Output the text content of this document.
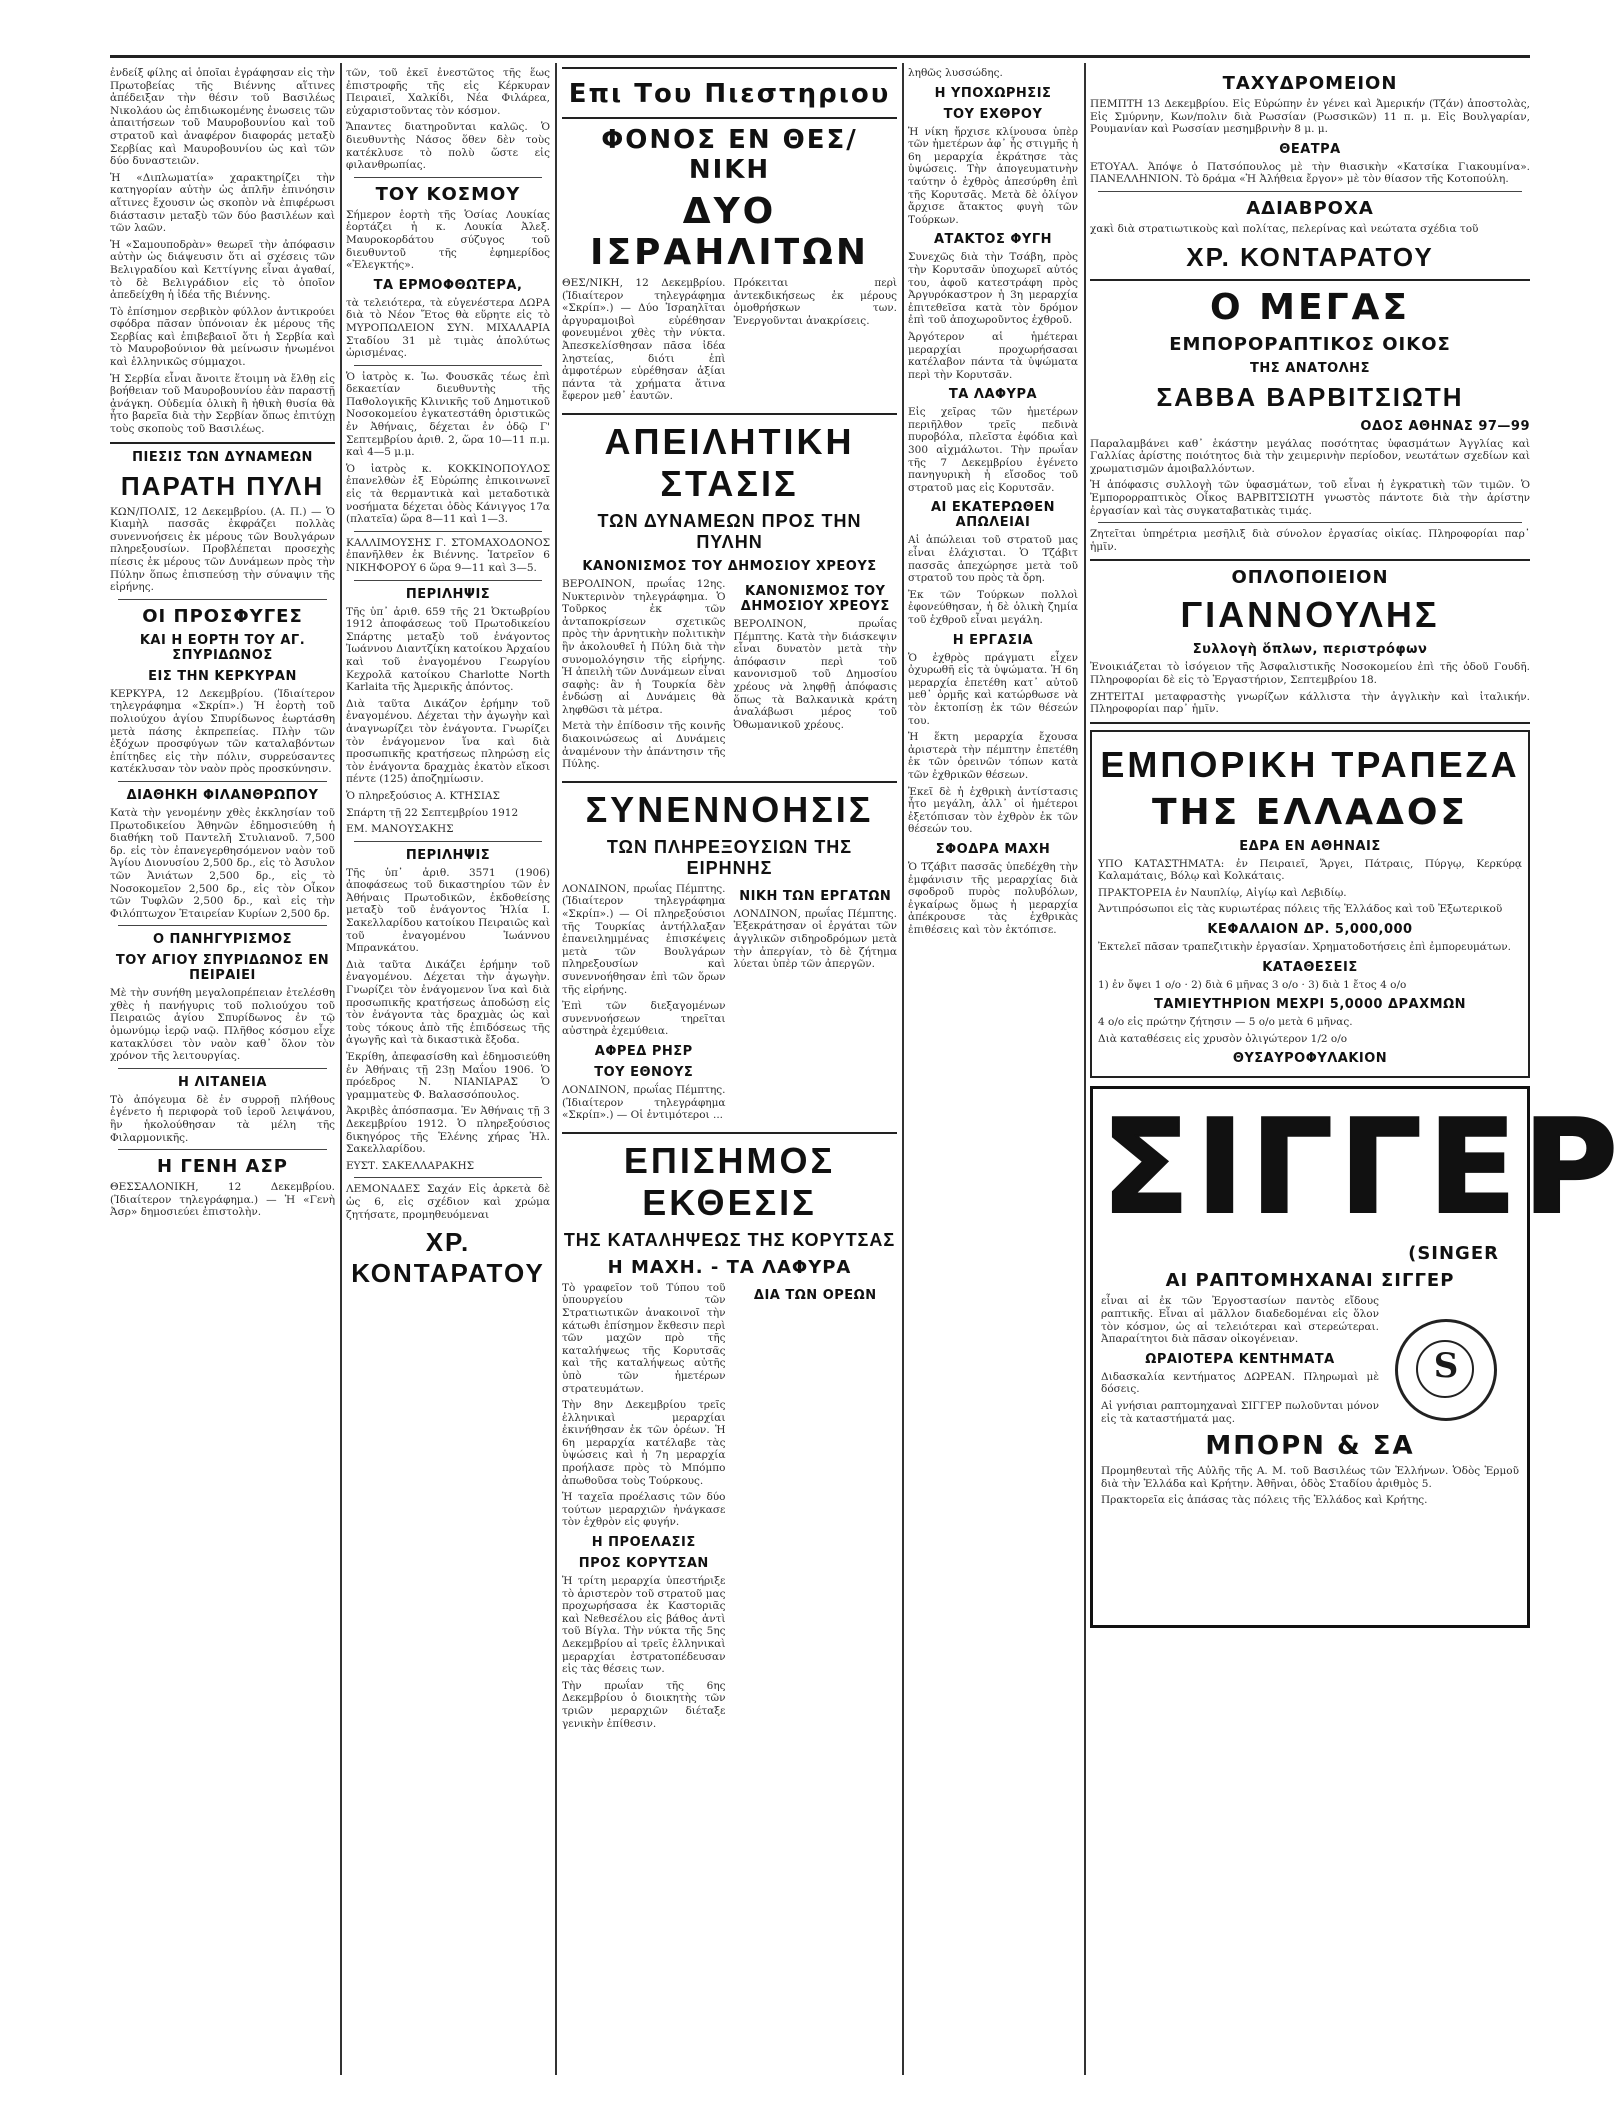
ἐνδείξ φίλης αἱ ὁποῖαι ἐγράφησαν εἰς τὴν Πρωτοβείας τῆς Βιέννης αἵτινες ἀπέδειξαν τὴν θέσιν τοῦ Βασιλέως Νικολάου ὡς ἐπιδιωκομένης ἐνωσεις τῶν ἀπαιτήσεων τοῦ Μαυροβουνίου καὶ τοῦ στρατοῦ καὶ ἀναφέρον διαφοράς μεταξὺ Σερβίας καὶ Μαυροβουνίου ὡς καὶ τῶν δύο δυναστειῶν.

Ἡ «Διπλωματία» χαρακτηρίζει τὴν κατηγορίαν αὐτὴν ὡς ἁπλῆν ἐπινόησιν αἵτινες ἔχουσιν ὡς σκοπὸν νὰ ἐπιφέρωσι διάστασιν μεταξὺ τῶν δύο βασιλέων καὶ τῶν λαῶν.

Ἡ «Σαμουποδρὰν» θεωρεῖ τὴν ἀπόφασιν αὐτὴν ὡς διάψευσιν ὅτι αἱ σχέσεις τῶν Βελιγραδίου καὶ Κεττίγνης εἶναι ἀγαθαί, τὸ δὲ Βελιγράδιον εἰς τὸ ὁποῖον ἀπεδείχθη ἡ ἰδέα τῆς Βιέννης.

Τὸ ἐπίσημον σερβικὸν φύλλον ἀντικρούει σφόδρα πᾶσαν ὑπόνοιαν ἐκ μέρους τῆς Σερβίας καὶ ἐπιβεβαιοῖ ὅτι ἡ Σερβία καὶ τὸ Μαυροβούνιον θὰ μείνωσιν ἡνωμένοι καὶ ἑλληνικῶς σύμμαχοι.

Ἡ Σερβία εἶναι ἄνοιτε ἕτοιμη νὰ ἔλθῃ εἰς βοήθειαν τοῦ Μαυροβουνίου ἐὰν παραστῇ ἀνάγκη. Οὐδεμία ὁλικὴ ἢ ἠθικὴ θυσία θὰ ἦτο βαρεῖα διὰ τὴν Σερβίαν ὅπως ἐπιτύχῃ τοὺς σκοποὺς τοῦ Βασιλέως.

ΠΙΕΣΙΣ ΤΩΝ ΔΥΝΑΜΕΩΝ
ΠΑΡΑΤΗ ΠΥΛΗ

ΚΩΝ/ΠΟΛΙΣ, 12 Δεκεμβρίου. (Α. Π.) — Ὁ Κιαμὴλ πασσᾶς ἐκφράζει πολλὰς συνεννοήσεις ἐκ μέρους τῶν Βουλγάρων πληρεξουσίων. Προβλέπεται προσεχὴς πίεσις ἐκ μέρους τῶν Δυνάμεων πρὸς τὴν Πύλην ὅπως ἐπισπεύσῃ τὴν σύναψιν τῆς εἰρήνης.

ΟΙ ΠΡΟΣΦΥΓΕΣ
ΚΑΙ Η ΕΟΡΤΗ ΤΟΥ ΑΓ. ΣΠΥΡΙΔΩΝΟΣ
ΕΙΣ ΤΗΝ ΚΕΡΚΥΡΑΝ

ΚΕΡΚΥΡΑ, 12 Δεκεμβρίου. (Ἰδιαίτερον τηλεγράφημα «Σκρίπ».) Ἡ ἑορτὴ τοῦ πολιούχου ἁγίου Σπυρίδωνος ἑωρτάσθη μετὰ πάσης ἐκπρεπείας. Πλὴν τῶν ἐξόχων προσφύγων τῶν καταλαβόντων ἐπίτηδες εἰς τὴν πόλιν, συρρεύσαντες κατέκλυσαν τὸν ναὸν πρὸς προσκύνησιν.

ΔΙΑΘΗΚΗ ΦΙΛΑΝΘΡΩΠΟΥ

Κατὰ τὴν γενομένην χθὲς ἐκκλησίαν τοῦ Πρωτοδικείου Ἀθηνῶν ἐδημοσιεύθη ἡ διαθήκη τοῦ Παντελῆ Στυλιανοῦ. 7,500 δρ. εἰς τὸν ἐπανεγερθησόμενον ναὸν τοῦ Ἁγίου Διονυσίου 2,500 δρ., εἰς τὸ Ἀσυλον τῶν Ἀνιάτων 2,500 δρ., εἰς τὸ Νοσοκομεῖον 2,500 δρ., εἰς τὸν Οἶκον τῶν Τυφλῶν 2,500 δρ., καὶ εἰς τὴν Φιλόπτωχον Ἑταιρείαν Κυρίων 2,500 δρ.

Ο ΠΑΝΗΓΥΡΙΣΜΟΣ
ΤΟΥ ΑΓΙΟΥ ΣΠΥΡΙΔΩΝΟΣ ΕΝ ΠΕΙΡΑΙΕΙ

Μὲ τὴν συνήθη μεγαλοπρέπειαν ἐτελέσθη χθὲς ἡ πανήγυρις τοῦ πολιούχου τοῦ Πειραιῶς ἁγίου Σπυρίδωνος ἐν τῷ ὁμωνύμῳ ἱερῷ ναῷ. Πλῆθος κόσμου εἶχε κατακλύσει τὸν ναὸν καθ᾽ ὅλον τὸν χρόνον τῆς λειτουργίας.

Η ΛΙΤΑΝΕΙΑ

Τὸ ἀπόγευμα δὲ ἐν συρροῇ πλήθους ἐγένετο ἡ περιφορὰ τοῦ ἱεροῦ λειψάνου, ἣν ἡκολούθησαν τὰ μέλη τῆς Φιλαρμονικῆς.

Η ΓΕΝΗ ΑΣΡ

ΘΕΣΣΑΛΟΝΙΚΗ, 12 Δεκεμβρίου. (Ἰδιαίτερον τηλεγράφημα.) — Ἡ «Γενὴ Ἀσρ» δημοσιεύει ἐπιστολὴν.

τῶν, τοῦ ἐκεῖ ἐνεστῶτος τῆς ἕως ἐπιστροφῆς τῆς εἰς Κέρκυραν Πειραιεῖ, Χαλκίδι, Νέα Φιλάρεα, εὐχαριστοῦντας τὸν κόσμον.

Ἄπαντες διατηροῦνται καλῶς. Ὁ διευθυντὴς Νάσος ὅθεν δὲν τοὺς κατέκλυσε τὸ πολὺ ὥστε εἰς φιλανθρωπίας.

ΤΟΥ ΚΟΣΜΟΥ

Σήμερον ἑορτὴ τῆς Ὁσίας Λουκίας ἑορτάζει ἡ κ. Λουκία Ἀλεξ. Μαυροκορδάτου σύζυγος τοῦ διευθυντοῦ τῆς ἐφημερίδος «Ἐλεγκτής».

ΤΑ ΕΡΜΟΦΘΩΤΕΡΑ,

τὰ τελειότερα, τὰ εὐγενέστερα ΔΩΡΑ διὰ τὸ Νέον Ἔτος θὰ εὕρητε εἰς τὸ ΜΥΡΟΠΩΛΕΙΟΝ ΣΥΝ. ΜΙΧΑΛΑΡΙΑ Σταδίου 31 μὲ τιμὰς ἀπολύτως ὡρισμένας.

Ὁ ἰατρὸς κ. Ἰω. Φουσκᾶς τέως ἐπὶ δεκαετίαν διευθυντὴς τῆς Παθολογικῆς Κλινικῆς τοῦ Δημοτικοῦ Νοσοκομείου ἐγκατεστάθη ὁριστικῶς ἐν Ἀθήναις, δέχεται ἐν ὁδῷ Γ' Σεπτεμβρίου ἀριθ. 2, ὥρα 10—11 π.μ. καὶ 4—5 μ.μ.

Ὁ ἰατρὸς κ. ΚΟΚΚΙΝΟΠΟΥΛΟΣ ἐπανελθὼν ἐξ Εὐρώπης ἐπικοινωνεῖ εἰς τὰ θερμαντικὰ καὶ μεταδοτικὰ νοσήματα δέχεται ὁδὸς Κάνιγγος 17α (πλατεῖα) ὥρα 8—11 καὶ 1—3.

ΚΑΛΛΙΜΟΥΣΗΣ Γ. ΣΤΟΜΑΧΟΔΟΝΟΣ ἐπανῆλθεν ἐκ Βιέννης. Ἰατρεῖον 6 ΝΙΚΗΦΟΡΟΥ 6 ὥρα 9—11 καὶ 3—5.

ΠΕΡΙΛΗΨΙΣ

Τῆς ὑπ᾽ ἀριθ. 659 τῆς 21 Ὀκτωβρίου 1912 ἀποφάσεως τοῦ Πρωτοδικείου Σπάρτης μεταξὺ τοῦ ἐνάγοντος Ἰωάννου Διαντζίκη κατοίκου Ἀρχαίου καὶ τοῦ ἐναγομένου Γεωργίου Κεχρολᾶ κατοίκου Charlotte North Karlaita τῆς Ἀμερικῆς ἀπόντος.

Διὰ ταῦτα Δικάζον ἐρήμην τοῦ ἐναγομένου. Δέχεται τὴν ἀγωγὴν καὶ ἀναγνωρίζει τὸν ἐνάγοντα. Γνωρίζει τὸν ἐνάγομενον ἵνα καὶ διὰ προσωπικῆς κρατήσεως πληρώσῃ εἰς τὸν ἐνάγοντα δραχμὰς ἑκατὸν εἴκοσι πέντε (125) ἀποζημίωσιν.

Ὁ πληρεξούσιος Α. ΚΤΗΣΙΑΣ

Σπάρτη τῇ 22 Σεπτεμβρίου 1912

ΕΜ. ΜΑΝΟΥΣΑΚΗΣ

ΠΕΡΙΛΗΨΙΣ

Τῆς ὑπ᾽ ἀριθ. 3571 (1906) ἀποφάσεως τοῦ δικαστηρίου τῶν ἐν Ἀθήναις Πρωτοδικῶν, ἐκδοθείσης μεταξὺ τοῦ ἐνάγοντος Ἠλία Ι. Σακελλαρίδου κατοίκου Πειραιῶς καὶ τοῦ ἐναγομένου Ἰωάννου Μπρανκάτου.

Διὰ ταῦτα Δικάζει ἐρήμην τοῦ ἐναγομένου. Δέχεται τὴν ἀγωγὴν. Γνωρίζει τὸν ἐνάγομενον ἵνα καὶ διὰ προσωπικῆς κρατήσεως ἀποδώσῃ εἰς τὸν ἐνάγοντα τὰς δραχμὰς ὡς καὶ τοὺς τόκους ἀπὸ τῆς ἐπιδόσεως τῆς ἀγωγῆς καὶ τὰ δικαστικὰ ἔξοδα.

Ἐκρίθη, ἀπεφασίσθη καὶ ἐδημοσιεύθη ἐν Ἀθήναις τῇ 23ῃ Μαΐου 1906. Ὁ πρόεδρος Ν. ΝΙΑΝΙΑΡΑΣ Ὁ γραμματεὺς Φ. Βαλασσόπουλος.

Ἀκριβὲς ἀπόσπασμα. Ἐν Ἀθήναις τῇ 3 Δεκεμβρίου 1912. Ὁ πληρεξούσιος δικηγόρος τῆς Ἑλένης χήρας Ἠλ. Σακελλαρίδου.

ΕΥΣΤ. ΣΑΚΕΛΛΑΡΑΚΗΣ

ΛΕΜΟΝΑΔΕΣ Σαχάν Εἰς ἀρκετὰ δὲ ὡς 6, εἰς σχέδιον καὶ χρώμα ζητήσατε, προμηθευόμεναι

ΧΡ. ΚΟΝΤΑΡΑΤΟΥ
Επι Του Πιεστηριου
ΦΟΝΟΣ ΕΝ ΘΕΣ/ΝΙΚΗ
ΔΥΟ ΙΣΡΑΗΛΙΤΩΝ

ΘΕΣ/ΝΙΚΗ, 12 Δεκεμβρίου. (Ἰδιαίτερον τηλεγράφημα «Σκρίπ».) — Δύο Ἰσραηλῖται ἀργυραμοιβοὶ εὑρέθησαν φονευμένοι χθὲς τὴν νύκτα. Ἀπεσκελίσθησαν πᾶσα ἰδέα ληστείας, διότι ἐπὶ ἀμφοτέρων εὑρέθησαν ἀξίαι πάντα τὰ χρήματα ἅτινα ἔφερον μεθ᾽ ἑαυτῶν.

Πρόκειται περὶ ἀντεκδικήσεως ἐκ μέρους ὁμοθρήσκων των. Ἐνεργοῦνται ἀνακρίσεις.

ΑΠΕΙΛΗΤΙΚΗ ΣΤΑΣΙΣ
ΤΩΝ ΔΥΝΑΜΕΩΝ ΠΡΟΣ ΤΗΝ ΠΥΛΗΝ
ΚΑΝΟΝΙΣΜΟΣ ΤΟΥ ΔΗΜΟΣΙΟΥ ΧΡΕΟΥΣ

ΒΕΡΟΛΙΝΟΝ, πρωΐας 12ης. Νυκτερινὸν τηλεγράφημα. Ὁ Τοῦρκος ἐκ τῶν ἀνταποκρίσεων σχετικῶς πρὸς τὴν ἀρνητικὴν πολιτικὴν ἣν ἀκολουθεῖ ἡ Πύλη διὰ τὴν συνομολόγησιν τῆς εἰρήνης. Ἡ ἀπειλὴ τῶν Δυνάμεων εἶναι σαφὴς: ἂν ἡ Τουρκία δὲν ἐνδώσῃ αἱ Δυνάμεις θὰ ληφθῶσι τὰ μέτρα.

Μετὰ τὴν ἐπίδοσιν τῆς κοινῆς διακοινώσεως αἱ Δυνάμεις ἀναμένουν τὴν ἀπάντησιν τῆς Πύλης.

ΚΑΝΟΝΙΣΜΟΣ ΤΟΥ ΔΗΜΟΣΙΟΥ ΧΡΕΟΥΣ

ΒΕΡΟΛΙΝΟΝ, πρωΐας Πέμπτης. Κατὰ τὴν διάσκεψιν εἶναι δυνατὸν μετὰ τὴν ἀπόφασιν περὶ τοῦ κανονισμοῦ τοῦ Δημοσίου χρέους νὰ ληφθῇ ἀπόφασις ὅπως τὰ Βαλκανικὰ κράτη ἀναλάβωσι μέρος τοῦ Ὀθωμανικοῦ χρέους.

ΣΥΝΕΝΝΟΗΣΙΣ
ΤΩΝ ΠΛΗΡΕΞΟΥΣΙΩΝ ΤΗΣ ΕΙΡΗΝΗΣ

ΛΟΝΔΙΝΟΝ, πρωΐας Πέμπτης. (Ἰδιαίτερον τηλεγράφημα «Σκρίπ».) — Οἱ πληρεξούσιοι τῆς Τουρκίας ἀντήλλαξαν ἐπανειλημμένας ἐπισκέψεις μετὰ τῶν Βουλγάρων πληρεξουσίων καὶ συνεννοήθησαν ἐπὶ τῶν ὅρων τῆς εἰρήνης.

Ἐπὶ τῶν διεξαγομένων συνεννοήσεων τηρεῖται αὐστηρὰ ἐχεμύθεια.

ΑΦΡΕΔ ΡΗΣΡ
ΤΟΥ ΕΘΝΟΥΣ

ΛΟΝΔΙΝΟΝ, πρωΐας Πέμπτης. (Ἰδιαίτερον τηλεγράφημα «Σκρίπ».) — Οἱ ἐντιμότεροι ...

ΝΙΚΗ ΤΩΝ ΕΡΓΑΤΩΝ

ΛΟΝΔΙΝΟΝ, πρωΐας Πέμπτης. Ἐξεκράτησαν οἱ ἐργάται τῶν ἀγγλικῶν σιδηροδρόμων μετὰ τὴν ἀπεργίαν, τὸ δὲ ζήτημα λύεται ὑπὲρ τῶν ἀπεργῶν.

ΕΠΙΣΗΜΟΣ ΕΚΘΕΣΙΣ
ΤΗΣ ΚΑΤΑΛΗΨΕΩΣ ΤΗΣ ΚΟΡΥΤΣΑΣ
Η ΜΑΧΗ. - ΤΑ ΛΑΦΥΡΑ

Τὸ γραφεῖον τοῦ Τύπου τοῦ ὑπουργείου τῶν Στρατιωτικῶν ἀνακοινοῖ τὴν κάτωθι ἐπίσημον ἔκθεσιν περὶ τῶν μαχῶν πρὸ τῆς καταλήψεως τῆς Κορυτσᾶς καὶ τῆς καταλήψεως αὐτῆς ὑπὸ τῶν ἡμετέρων στρατευμάτων.

Τὴν 8ην Δεκεμβρίου τρεῖς ἑλληνικαὶ μεραρχίαι ἐκινήθησαν ἐκ τῶν ὀρέων. Ἡ 6η μεραρχία κατέλαβε τὰς ὑψώσεις καὶ ἡ 7η μεραρχία προήλασε πρὸς τὸ Μπόμπο ἀπωθοῦσα τοὺς Τούρκους.

Ἡ ταχεῖα προέλασις τῶν δύο τούτων μεραρχιῶν ἠνάγκασε τὸν ἐχθρὸν εἰς φυγήν.

Η ΠΡΟΕΛΑΣΙΣ
ΠΡΟΣ ΚΟΡΥΤΣΑΝ

Ἡ τρίτη μεραρχία ὑπεστήριξε τὸ ἀριστερὸν τοῦ στρατοῦ μας προχωρήσασα ἐκ Καστοριᾶς καὶ Νεθεσέλου εἰς βάθος ἀντὶ τοῦ Βίγλα. Τὴν νύκτα τῆς 5ης Δεκεμβρίου αἱ τρεῖς ἑλληνικαὶ μεραρχίαι ἐστρατοπέδευσαν εἰς τὰς θέσεις των.

Τὴν πρωΐαν τῆς 6ης Δεκεμβρίου ὁ διοικητὴς τῶν τριῶν μεραρχιῶν διέταξε γενικὴν ἐπίθεσιν.

ΔΙΑ ΤΩΝ ΟΡΕΩΝ

ληθῶς λυσσώδης.

Η ΥΠΟΧΩΡΗΣΙΣ
ΤΟΥ ΕΧΘΡΟΥ

Ἡ νίκη ἤρχισε κλίνουσα ὑπὲρ τῶν ἡμετέρων ἀφ᾽ ἧς στιγμῆς ἡ 6η μεραρχία ἐκράτησε τὰς ὑψώσεις. Τὴν ἀπογευματινὴν ταύτην ὁ ἐχθρὸς ἀπεσύρθη ἐπὶ τῆς Κορυτσᾶς. Μετὰ δὲ ὀλίγον ἄρχισε ἄτακτος φυγὴ τῶν Τούρκων.

ΑΤΑΚΤΟΣ ΦΥΓΗ

Συνεχῶς διὰ τὴν Τσάβη, πρὸς τὴν Κορυτσᾶν ὑποχωρεῖ αὐτός του, ἀφοῦ κατεστράφη πρὸς Ἀργυρόκαστρον ἡ 3η μεραρχία ἐπιτεθεῖσα κατὰ τὸν δρόμον ἐπὶ τοῦ ἀποχωροῦντος ἐχθροῦ.

Ἀργότερον αἱ ἡμέτεραι μεραρχίαι προχωρήσασαι κατέλαβον πάντα τὰ ὑψώματα περὶ τὴν Κορυτσᾶν.

ΤΑ ΛΑΦΥΡΑ

Εἰς χεῖρας τῶν ἡμετέρων περιῆλθον τρεῖς πεδινὰ πυροβόλα, πλεῖστα ἐφόδια καὶ 300 αἰχμάλωτοι. Τὴν πρωΐαν τῆς 7 Δεκεμβρίου ἐγένετο πανηγυρικὴ ἡ εἴσοδος τοῦ στρατοῦ μας εἰς Κορυτσᾶν.

ΑΙ ΕΚΑΤΕΡΩΘΕΝ ΑΠΩΛΕΙΑΙ

Αἱ ἀπώλειαι τοῦ στρατοῦ μας εἶναι ἐλάχισται. Ὁ Τζάβιτ πασσᾶς ἀπεχώρησε μετὰ τοῦ στρατοῦ του πρὸς τὰ ὄρη.

Ἐκ τῶν Τούρκων πολλοὶ ἐφονεύθησαν, ἡ δὲ ὁλικὴ ζημία τοῦ ἐχθροῦ εἶναι μεγάλη.

Η ΕΡΓΑΣΙΑ

Ὁ ἐχθρὸς πράγματι εἶχεν ὀχυρωθῆ εἰς τὰ ὑψώματα. Ἡ 6η μεραρχία ἐπετέθη κατ᾽ αὐτοῦ μεθ᾽ ὁρμῆς καὶ κατώρθωσε νὰ τὸν ἐκτοπίσῃ ἐκ τῶν θέσεών του.

Ἡ ἕκτη μεραρχία ἔχουσα ἀριστερὰ τὴν πέμπτην ἐπετέθη ἐκ τῶν ὀρεινῶν τόπων κατὰ τῶν ἐχθρικῶν θέσεων.

Ἐκεῖ δὲ ἡ ἐχθρικὴ ἀντίστασις ἦτο μεγάλη, ἀλλ᾽ οἱ ἡμέτεροι ἐξετόπισαν τὸν ἐχθρὸν ἐκ τῶν θέσεών του.

ΣΦΟΔΡΑ ΜΑΧΗ

Ὁ Τζάβιτ πασσᾶς ὑπεδέχθη τὴν ἐμφάνισιν τῆς μεραρχίας διὰ σφοδροῦ πυρὸς πολυβόλων, ἐγκαίρως ὅμως ἡ μεραρχία ἀπέκρουσε τὰς ἐχθρικὰς ἐπιθέσεις καὶ τὸν ἐκτόπισε.

ΤΑΧΥΔΡΟΜΕΙΟΝ

ΠΕΜΠΤΗ 13 Δεκεμβρίου. Εἰς Εὐρώπην ἐν γένει καὶ Ἀμερικήν (Τζάν) ἀποστολὰς, Εἰς Σμύρνην, Κων/πολιν διὰ Ρωσσίαν (Ρωσσικῶν) 11 π. μ. Εἰς Βουλγαρίαν, Ρουμανίαν καὶ Ρωσσίαν μεσημβρινὴν 8 μ. μ.

ΘΕΑΤΡΑ

ΕΤΟΥΑΛ. Ἀπόψε ὁ Πατσόπουλος μὲ τὴν θιασικὴν «Κατσίκα Γιακουμίνα». ΠΑΝΕΛΛΗΝΙΟΝ. Τὸ δράμα «Ἡ Ἀλήθεια ἔργον» μὲ τὸν θίασον τῆς Κοτοπούλη.

ΑΔΙΑΒΡΟΧΑ

χακὶ διὰ στρατιωτικοὺς καὶ πολίτας, πελερίνας καὶ νεώτατα σχέδια τοῦ

ΧΡ. ΚΟΝΤΑΡΑΤΟΥ
Ο ΜΕΓΑΣ
ΕΜΠΟΡΟΡΑΠΤΙΚΟΣ ΟΙΚΟΣ
ΤΗΣ ΑΝΑΤΟΛΗΣ
ΣΑΒΒΑ ΒΑΡΒΙΤΣΙΩΤΗ
ΟΔΟΣ ΑΘΗΝΑΣ 97—99

Παραλαμβάνει καθ᾽ ἑκάστην μεγάλας ποσότητας ὑφασμάτων Ἀγγλίας καὶ Γαλλίας ἀρίστης ποιότητος διὰ τὴν χειμερινὴν περίοδον, νεωτάτων σχεδίων καὶ χρωματισμῶν ἀμοιβαλλόντων.

Ἡ ἀπόφασις συλλογὴ τῶν ὑφασμάτων, τοῦ εἶναι ἡ ἐγκρατικὴ τῶν τιμῶν. Ὁ Ἐμπορορραπτικὸς Οἶκος ΒΑΡΒΙΤΣΙΩΤΗ γνωστὸς πάντοτε διὰ τὴν ἀρίστην ἐργασίαν καὶ τὰς συγκαταβατικὰς τιμάς.

Ζητεῖται ὑπηρέτρια μεσῆλιξ διὰ σύνολον ἐργασίας οἰκίας. Πληροφορίαι παρ᾽ ἡμῖν.

ΟΠΛΟΠΟΙΕΙΟΝ
ΓΙΑΝΝΟΥΛΗΣ
Συλλογὴ ὅπλων, περιστρόφων

Ἐνοικιάζεται τὸ ἰσόγειον τῆς Ἀσφαλιστικῆς Νοσοκομείου ἐπὶ τῆς ὁδοῦ Γουδῆ. Πληροφορίαι δὲ εἰς τὸ Ἐργαστήριον, Σεπτεμβρίου 18.

ΖΗΤΕΙΤΑΙ μεταφραστὴς γνωρίζων κάλλιστα τὴν ἀγγλικὴν καὶ ἰταλικήν. Πληροφορίαι παρ᾽ ἡμῖν.

ΕΜΠΟΡΙΚΗ ΤΡΑΠΕΖΑ
ΤΗΣ ΕΛΛΑΔΟΣ
ΕΔΡΑ ΕΝ ΑΘΗΝΑΙΣ

ΥΠΟ ΚΑΤΑΣΤΗΜΑΤΑ: ἐν Πειραιεῖ, Ἄργει, Πάτραις, Πύργῳ, Κερκύρᾳ Καλαμάταις, Βόλῳ καὶ Κολκάταις.

ΠΡΑΚΤΟΡΕΙΑ ἐν Ναυπλίῳ, Αἰγίῳ καὶ Λεβιδίῳ.

Ἀντιπρόσωποι εἰς τὰς κυριωτέρας πόλεις τῆς Ἑλλάδος καὶ τοῦ Ἐξωτερικοῦ

ΚΕΦΑΛΑΙΟΝ ΔΡ. 5,000,000

Ἐκτελεῖ πᾶσαν τραπεζιτικὴν ἐργασίαν. Χρηματοδοτήσεις ἐπὶ ἐμπορευμάτων.

ΚΑΤΑΘΕΣΕΙΣ

1) ἐν ὄψει 1 ο/ο · 2) διὰ 6 μῆνας 3 ο/ο · 3) διὰ 1 ἔτος 4 ο/ο

ΤΑΜΙΕΥΤΗΡΙΟΝ ΜΕΧΡΙ 5,0000 ΔΡΑΧΜΩΝ

4 ο/ο εἰς πρώτην ζήτησιν — 5 ο/ο μετὰ 6 μῆνας.

Διὰ καταθέσεις εἰς χρυσὸν ὀλιγώτερον 1/2 ο/ο

ΘΥΣΑΥΡΟΦΥΛΑΚΙΟΝ
ΣΙΓΓΕΡ
(SINGER
ΑΙ ΡΑΠΤΟΜΗΧΑΝΑΙ ΣΙΓΓΕΡ

εἶναι αἱ ἐκ τῶν Ἐργοστασίων παντὸς εἴδους ραπτικῆς. Εἶναι αἱ μᾶλλον διαδεδομέναι εἰς ὅλον τὸν κόσμον, ὡς αἱ τελειότεραι καὶ στερεώτεραι. Ἀπαραίτητοι διὰ πᾶσαν οἰκογένειαν.

ΩΡΑΙΟΤΕΡΑ ΚΕΝΤΗΜΑΤΑ

Διδασκαλία κεντήματος ΔΩΡΕΑΝ. Πληρωμαὶ μὲ δόσεις.

Αἱ γνήσιαι ραπτομηχαναὶ ΣΙΓΓΕΡ πωλοῦνται μόνον εἰς τὰ καταστήματά μας.

S
ΜΠΟΡΝ & ΣΑ

Προμηθευταὶ τῆς Αὐλῆς τῆς Α. Μ. τοῦ Βασιλέως τῶν Ἑλλήνων. Ὁδὸς Ἑρμοῦ διὰ τὴν Ἑλλάδα καὶ Κρήτην. Ἀθῆναι, ὁδὸς Σταδίου ἀριθμὸς 5.

Πρακτορεῖα εἰς ἁπάσας τὰς πόλεις τῆς Ἑλλάδος καὶ Κρήτης.
